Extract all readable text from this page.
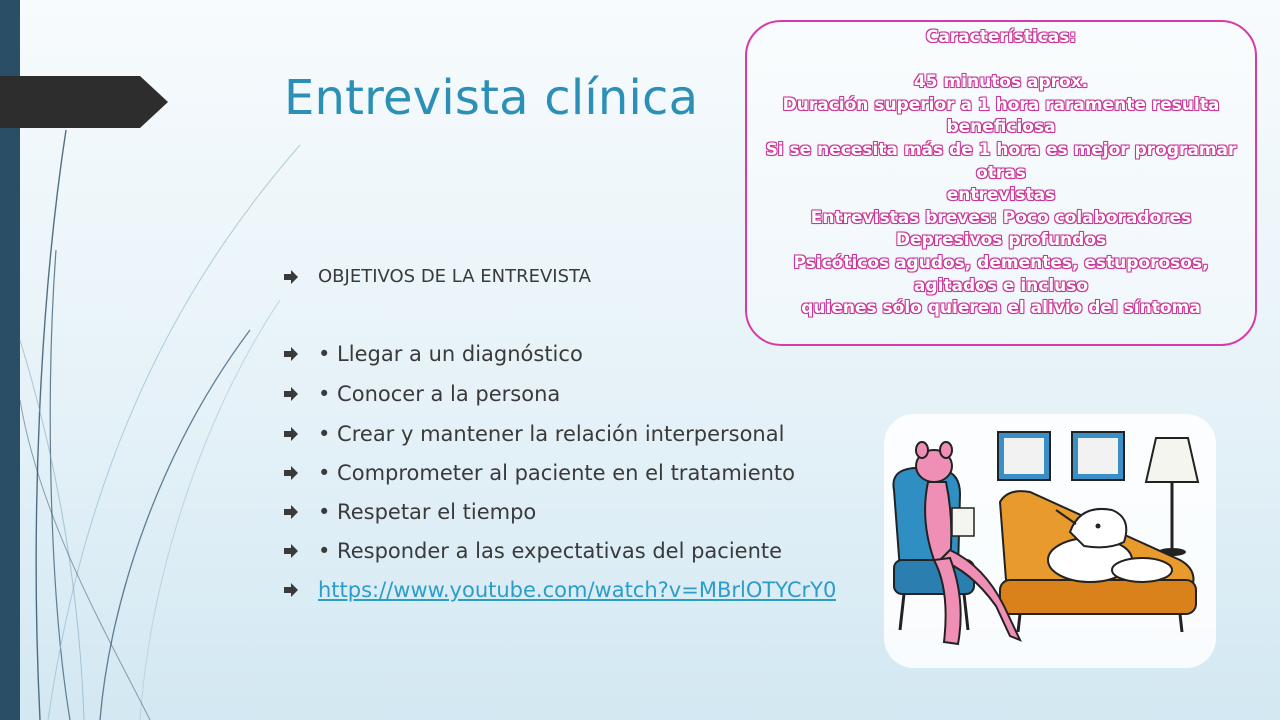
Entrevista clínica
OBJETIVOS DE LA ENTREVISTA
• Llegar a un diagnóstico
• Conocer a la persona
• Crear y mantener la relación interpersonal
• Comprometer al paciente en el tratamiento
• Respetar el tiempo
• Responder a las expectativas del paciente
https://www.youtube.com/watch?v=MBrlOTYCrY0
Características:

45 minutos aprox.
Duración superior a 1 hora raramente resulta
beneficiosa
Si se necesita más de 1 hora es mejor programar
otras
entrevistas
Entrevistas breves: Poco colaboradores
Depresivos profundos
Psicóticos agudos, dementes, estuporosos,
agitados e incluso
quienes sólo quieren el alivio del síntoma
